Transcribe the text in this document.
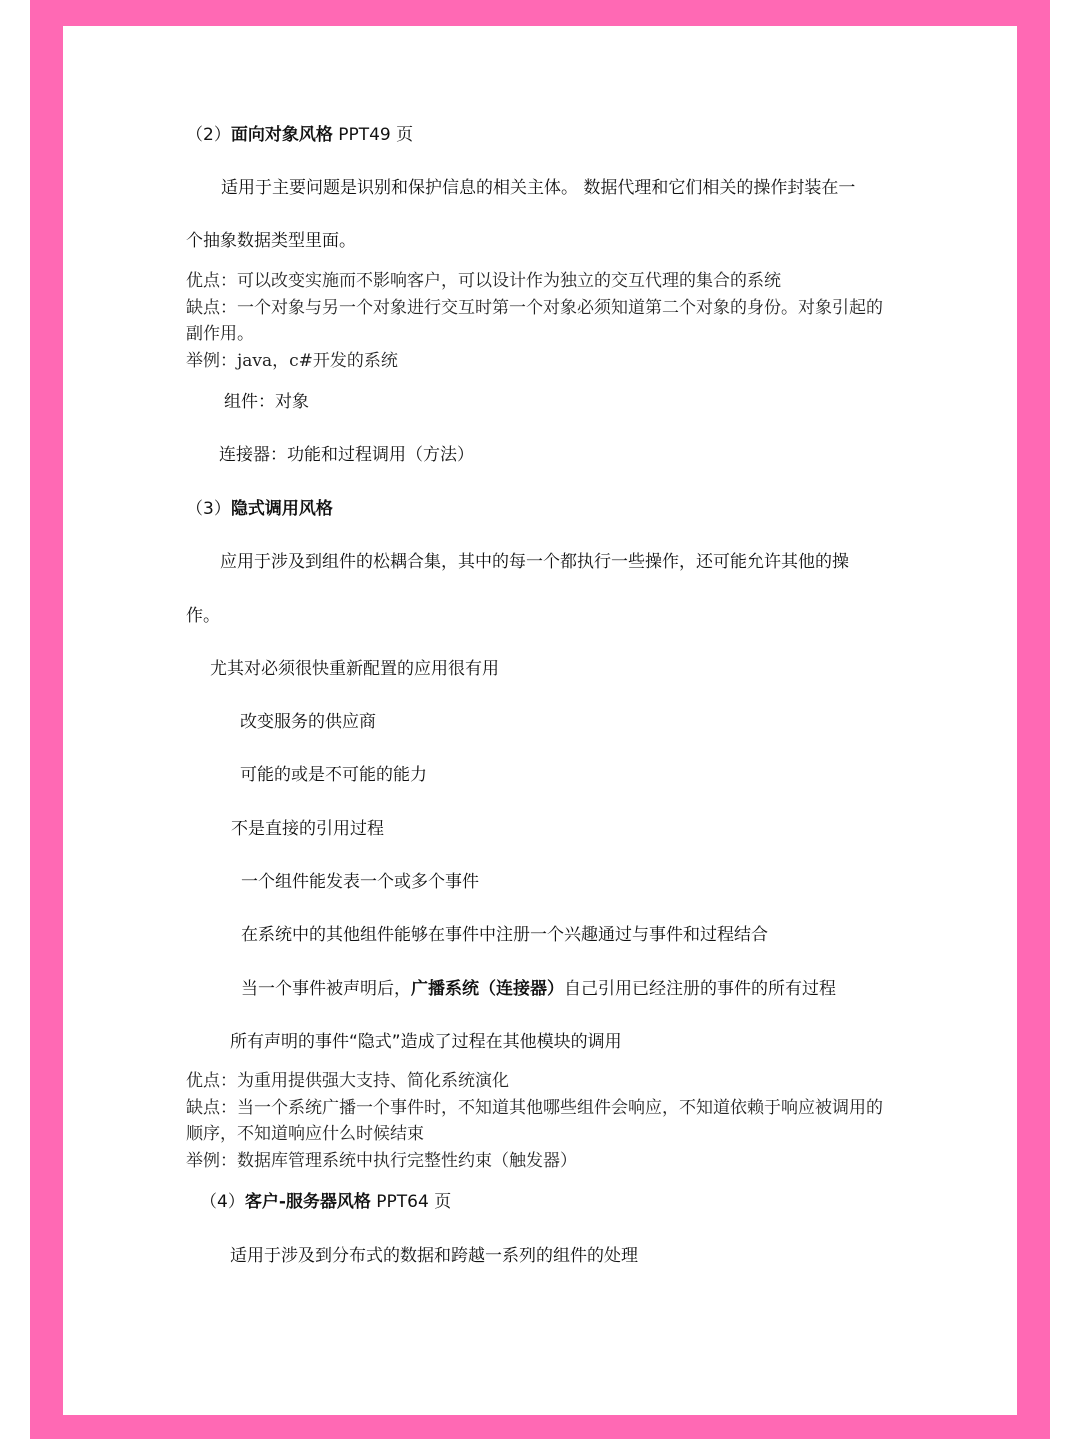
（2）面向对象风格 PPT49 页
适用于主要问题是识别和保护信息的相关主体。 数据代理和它们相关的操作封装在一
个抽象数据类型里面。
优点：可以改变实施而不影响客户，可以设计作为独立的交互代理的集合的系统
缺点：一个对象与另一个对象进行交互时第一个对象必须知道第二个对象的身份。对象引起的副作用。
举例：java，c#开发的系统
组件：对象
连接器：功能和过程调用（方法）
（3）隐式调用风格
应用于涉及到组件的松耦合集，其中的每一个都执行一些操作，还可能允许其他的操
作。
尤其对必须很快重新配置的应用很有用
改变服务的供应商
可能的或是不可能的能力
不是直接的引用过程
一个组件能发表一个或多个事件
在系统中的其他组件能够在事件中注册一个兴趣通过与事件和过程结合
当一个事件被声明后，广播系统（连接器）自己引用已经注册的事件的所有过程
所有声明的事件“隐式”造成了过程在其他模块的调用
优点：为重用提供强大支持、简化系统演化
缺点：当一个系统广播一个事件时，不知道其他哪些组件会响应，不知道依赖于响应被调用的顺序，不知道响应什么时候结束
举例：数据库管理系统中执行完整性约束（触发器）
（4）客户-服务器风格 PPT64 页
适用于涉及到分布式的数据和跨越一系列的组件的处理
